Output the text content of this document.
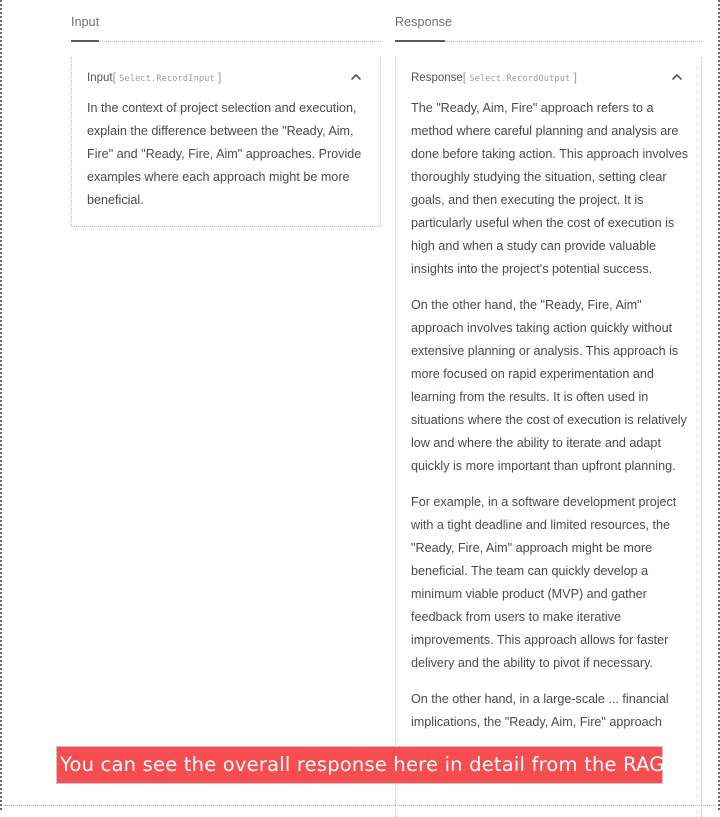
Input
Input[ Select.RecordInput ]

In the context of project selection and execution, explain the difference between the "Ready, Aim, Fire" and "Ready, Fire, Aim" approaches. Provide examples where each approach might be more beneficial.

Response
Response[ Select.RecordOutput ]

The "Ready, Aim, Fire" approach refers to a method where careful planning and analysis are done before taking action. This approach involves thoroughly studying the situation, setting clear goals, and then executing the project. It is particularly useful when the cost of execution is high and when a study can provide valuable insights into the project's potential success.

On the other hand, the "Ready, Fire, Aim" approach involves taking action quickly without extensive planning or analysis. This approach is more focused on rapid experimentation and learning from the results. It is often used in situations where the cost of execution is relatively low and where the ability to iterate and adapt quickly is more important than upfront planning.

For example, in a software development project with a tight deadline and limited resources, the "Ready, Fire, Aim" approach might be more beneficial. The team can quickly develop a minimum viable product (MVP) and gather feedback from users to make iterative improvements. This approach allows for faster delivery and the ability to pivot if necessary.

On the other hand, in a large-scale ... financial implications, the "Ready, Aim, Fire" approach

You can see the overall response here in detail from the RAG.
